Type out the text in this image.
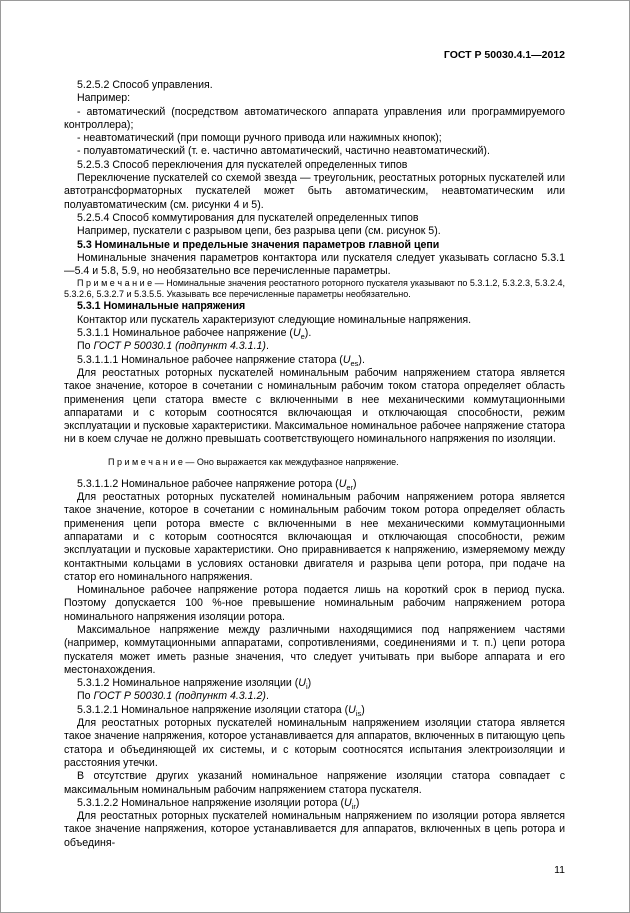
ГОСТ Р 50030.4.1—2012

5.2.5.2 Способ управления.

Например:

- автоматический (посредством автоматического аппарата управления или программируемого контроллера);

- неавтоматический (при помощи ручного привода или нажимных кнопок);

- полуавтоматический (т. е. частично автоматический, частично неавтоматический).

5.2.5.3 Способ переключения для пускателей определенных типов

Переключение пускателей со схемой звезда — треугольник, реостатных роторных пускателей или автотрансформаторных пускателей может быть автоматическим, неавтоматическим или полуавтоматическим (см. рисунки 4 и 5).

5.2.5.4 Способ коммутирования для пускателей определенных типов

Например, пускатели с разрывом цепи, без разрыва цепи (см. рисунок 5).

5.3 Номинальные и предельные значения параметров главной цепи

Номинальные значения параметров контактора или пускателя следует указывать согласно 5.3.1—5.4 и 5.8, 5.9, но необязательно все перечисленные параметры.

П р и м е ч а н и е — Номинальные значения реостатного роторного пускателя указывают по 5.3.1.2, 5.3.2.3, 5.3.2.4, 5.3.2.6, 5.3.2.7 и 5.3.5.5. Указывать все перечисленные параметры необязательно.

5.3.1 Номинальные напряжения

Контактор или пускатель характеризуют следующие номинальные напряжения.

5.3.1.1 Номинальное рабочее напряжение $(U_e)$.

По ГОСТ Р 50030.1 (подпункт 4.3.1.1).

5.3.1.1.1 Номинальное рабочее напряжение статора $(U_{es})$.

Для реостатных роторных пускателей номинальным рабочим напряжением статора является такое значение, которое в сочетании с номинальным рабочим током статора определяет область применения цепи статора вместе с включенными в нее механическими коммутационными аппаратами и с которым соотносятся включающая и отключающая способности, режим эксплуатации и пусковые характеристики. Максимальное номинальное рабочее напряжение статора ни в коем случае не должно превышать соответствующего номинального напряжения по изоляции.

П р и м е ч а н и е — Оно выражается как междуфазное напряжение.

5.3.1.1.2 Номинальное рабочее напряжение ротора $(U_{er})$

Для реостатных роторных пускателей номинальным рабочим напряжением ротора является такое значение, которое в сочетании с номинальным рабочим током ротора определяет область применения цепи ротора вместе с включенными в нее механическими коммутационными аппаратами и с которым соотносятся включающая и отключающая способности, режим эксплуатации и пусковые характеристики. Оно приравнивается к напряжению, измеряемому между контактными кольцами в условиях остановки двигателя и разрыва цепи ротора, при подаче на статор его номинального напряжения.

Номинальное рабочее напряжение ротора подается лишь на короткий срок в период пуска. Поэтому допускается 100 %-ное превышение номинальным рабочим напряжением ротора номинального напряжения изоляции ротора.

Максимальное напряжение между различными находящимися под напряжением частями (например, коммутационными аппаратами, сопротивлениями, соединениями и т. п.) цепи ротора пускателя может иметь разные значения, что следует учитывать при выборе аппарата и его местонахождения.

5.3.1.2 Номинальное напряжение изоляции $(U_i)$

По ГОСТ Р 50030.1 (подпункт 4.3.1.2).

5.3.1.2.1 Номинальное напряжение изоляции статора $(U_{is})$

Для реостатных роторных пускателей номинальным напряжением изоляции статора является такое значение напряжения, которое устанавливается для аппаратов, включенных в питающую цепь статора и объединяющей их системы, и с которым соотносятся испытания электроизоляции и расстояния утечки.

В отсутствие других указаний номинальное напряжение изоляции статора совпадает с максимальным номинальным рабочим напряжением статора пускателя.

5.3.1.2.2 Номинальное напряжение изоляции ротора $(U_{ir})$

Для реостатных роторных пускателей номинальным напряжением по изоляции ротора является такое значение напряжения, которое устанавливается для аппаратов, включенных в цепь ротора и объединя-

11
